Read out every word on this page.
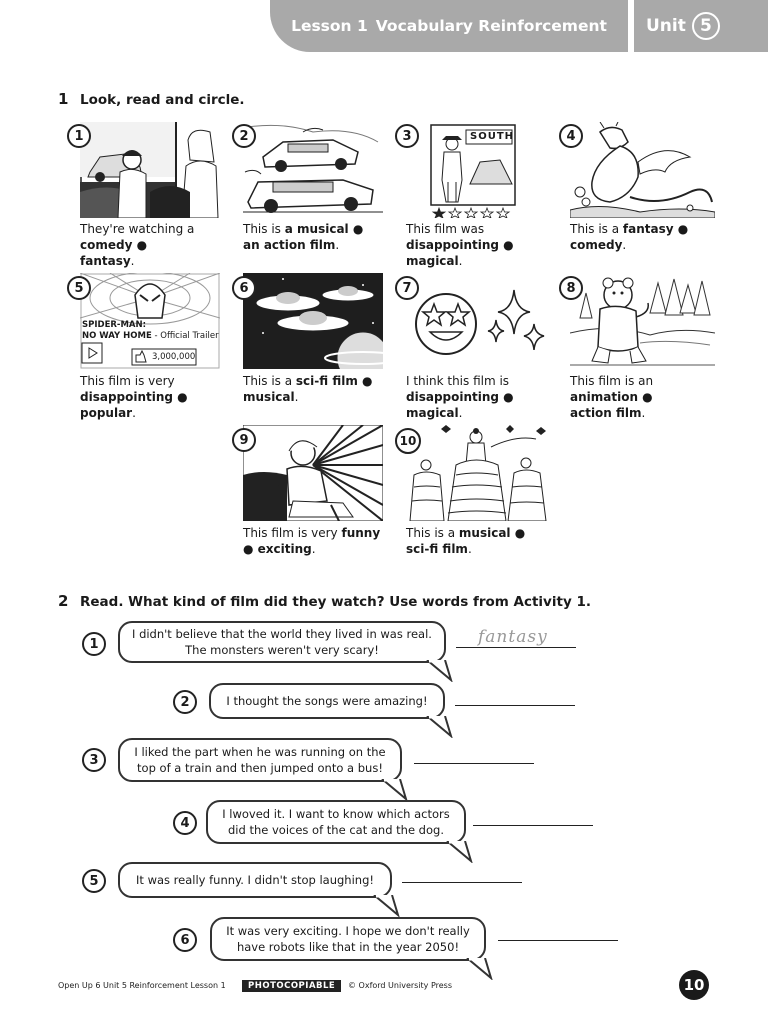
Lesson 1 Vocabulary Reinforcement Unit 5
1 Look, read and circle.
1
They're watching a
comedy ●
fantasy.
2
This is a musical ●
an action film.
SOUTH
3
This film was
disappointing ●
magical.
4
This is a fantasy ●
comedy.
SPIDER-MAN:
NO WAY HOME - Official Trailer
3,000,000
5
This film is very
disappointing ●
popular.
6
This is a sci-fi film ●
musical.
7
I think this film is
disappointing ●
magical.
8
This film is an
animation ●
action film.
9
This film is very funny
● exciting.
10
This is a musical ●
sci-fi film.
2 Read. What kind of film did they watch? Use words from Activity 1.
1
I didn't believe that the world they lived in was real.
The monsters weren't very scary!
fantasy
2	I thought the songs were amazing!
3
I liked the part when he was running on the
top of a train and then jumped onto a bus!
4
I lwoved it. I want to know which actors
did the voices of the cat and the dog.
5	It was really funny. I didn't stop laughing!
6
It was very exciting. I hope we don't really
have robots like that in the year 2050!
Open Up 6 Unit 5 Reinforcement Lesson 1	PHOTOCOPIABLE	© Oxford University Press	10
